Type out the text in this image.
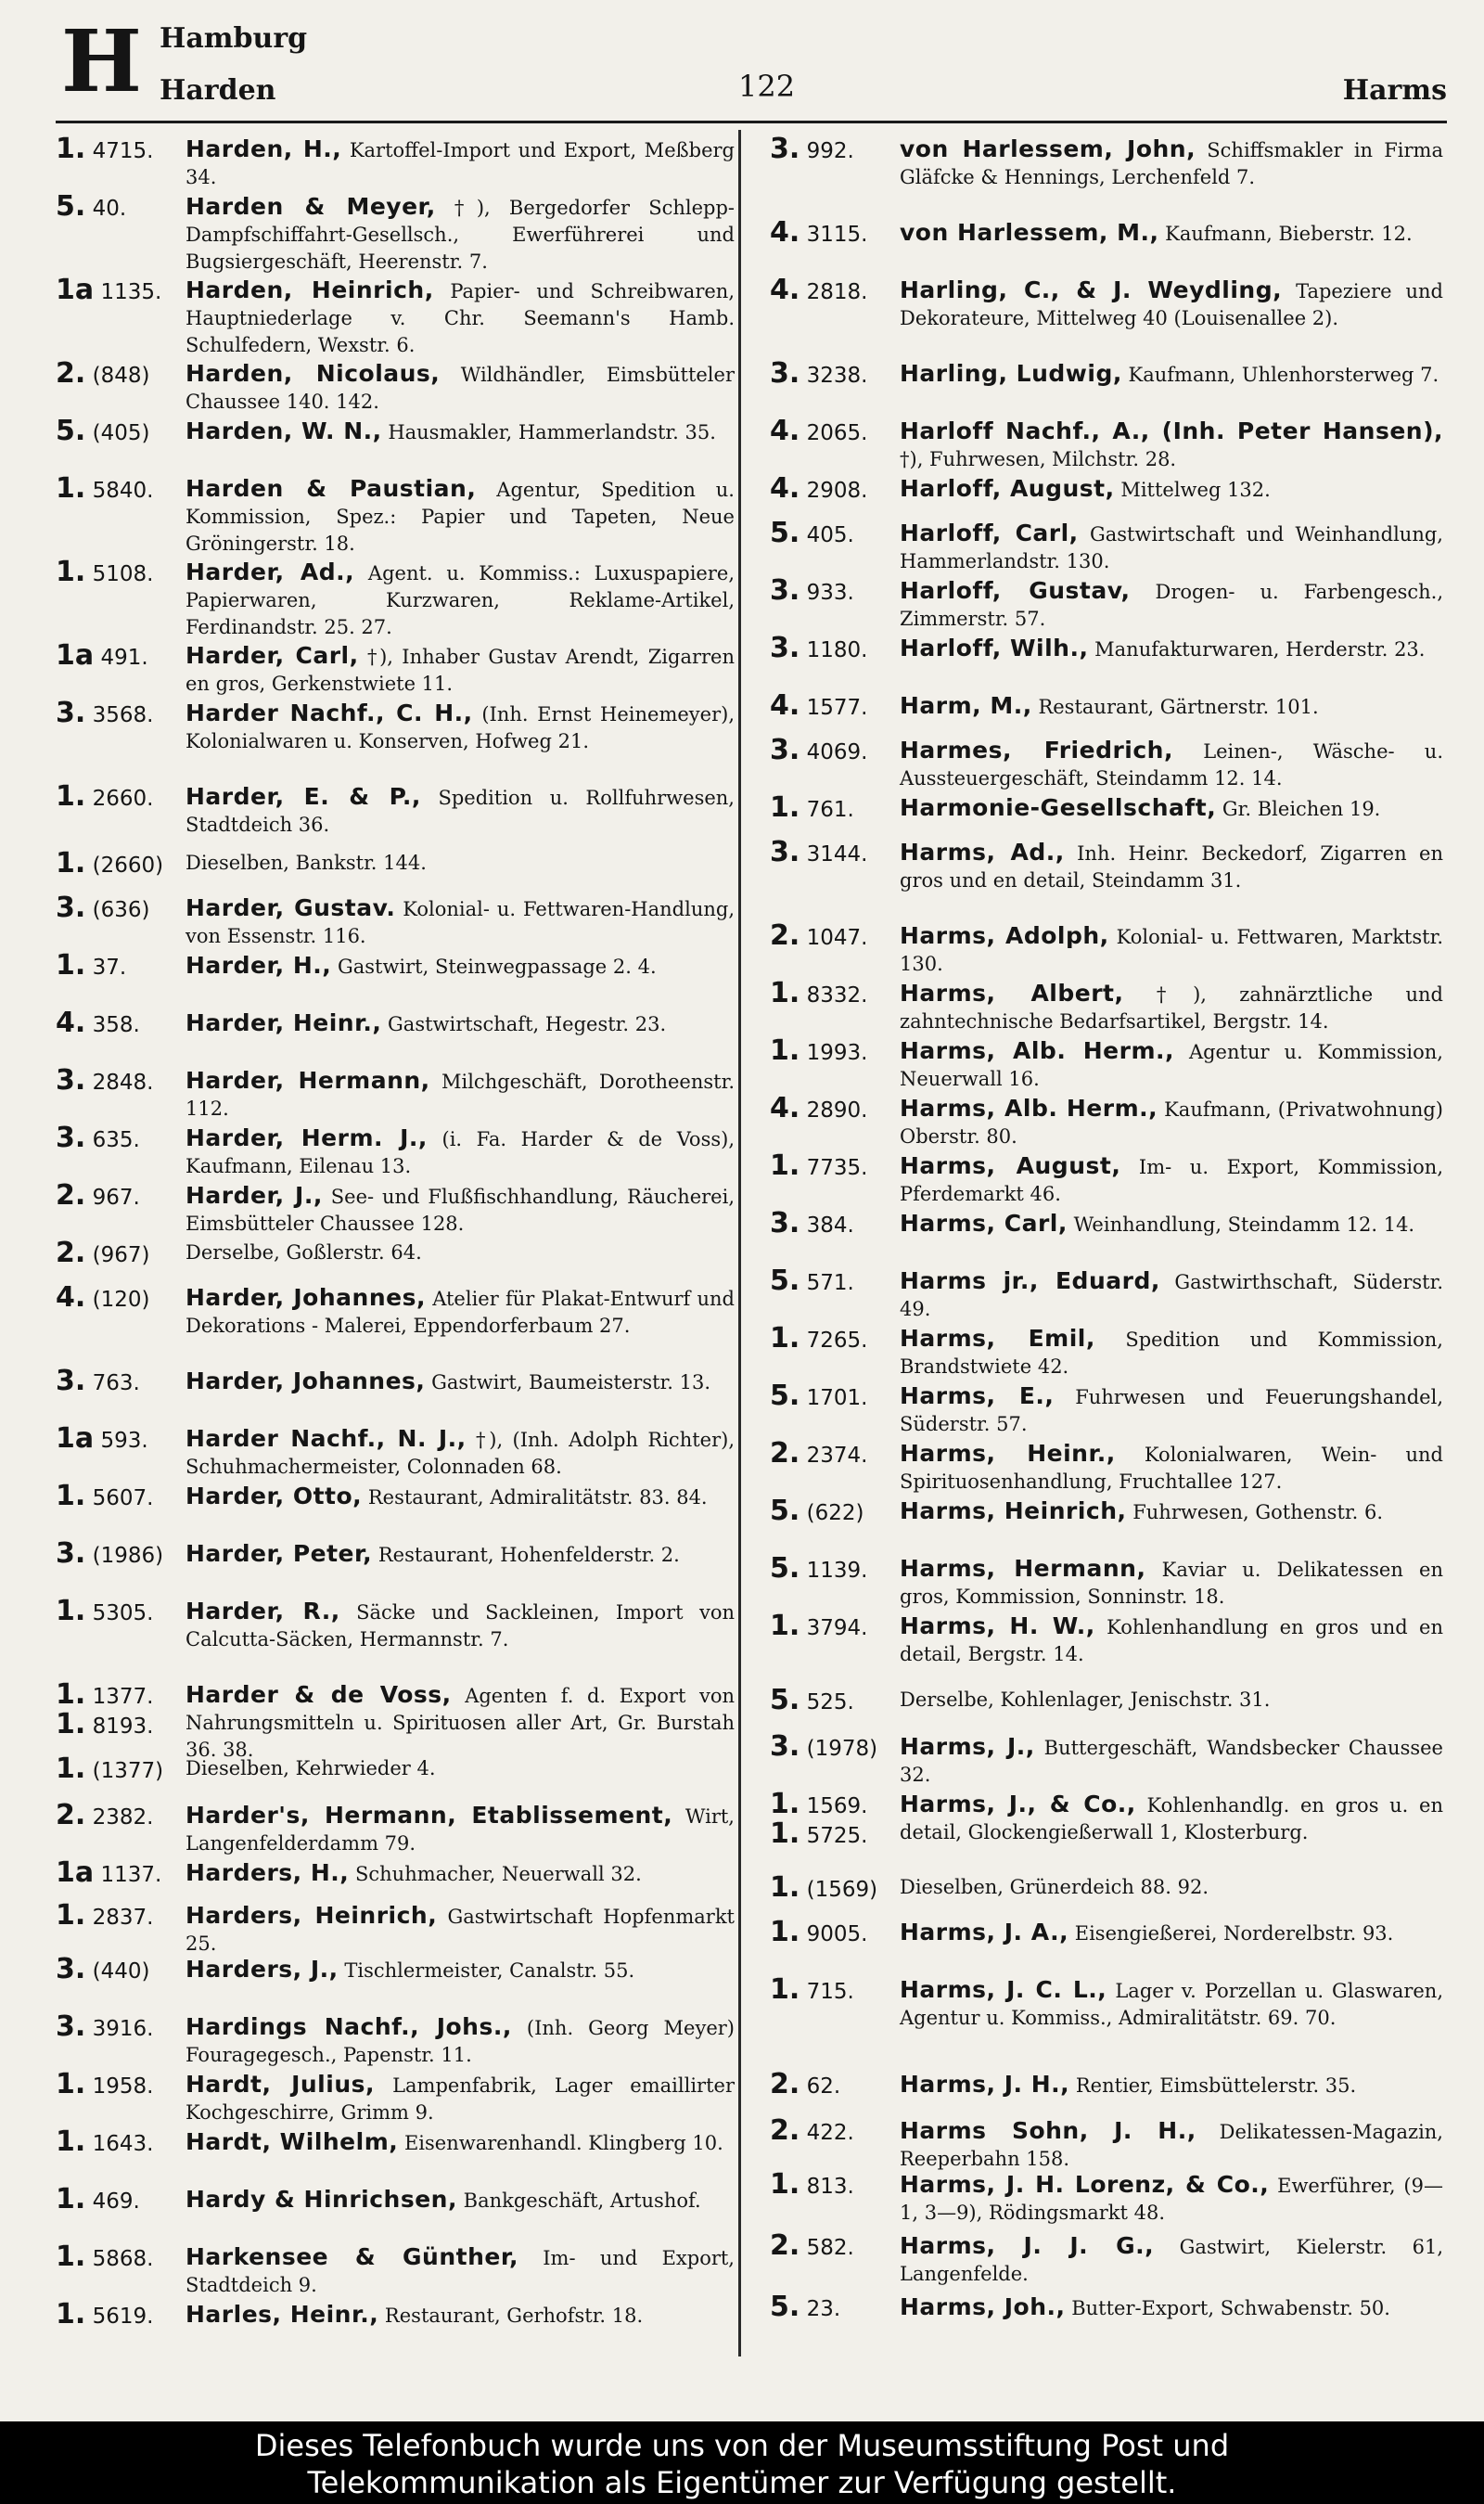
H Hamburg
Harden	122	Harms
1. 4715. Harden, H., Kartoffel-Import und Export, Meßberg 34.
5. 40.	Harden & Meyer, †), Bergedorfer Schlepp-Dampfschiffahrt-Gesellsch., Ewerführerei und Bugsiergeschäft, Heerenstr. 7.
1a 1135. Harden, Heinrich, Papier- und Schreibwaren, Hauptniederlage v. Chr. Seemann's Hamb. Schulfedern, Wexstr. 6.
2. (848) Harden, Nicolaus, Wildhändler, Eimsbütteler Chaussee 140. 142.
5. (405) Harden, W. N., Hausmakler, Hammerlandstr. 35.
1. 5840. Harden & Paustian, Agentur, Spedition u. Kommission, Spez.: Papier und Tapeten, Neue Gröningerstr. 18.
1. 5108. Harder, Ad., Agent. u. Kommiss.: Luxuspapiere, Papierwaren, Kurzwaren, Reklame-Artikel, Ferdinandstr. 25. 27.
1a 491. Harder, Carl, †), Inhaber Gustav Arendt, Zigarren en gros, Gerkenstwiete 11.
3. 3568. Harder Nachf., C. H., (Inh. Ernst Heinemeyer), Kolonialwaren u. Konserven, Hofweg 21.
1. 2660. Harder, E. & P., Spedition u. Rollfuhrwesen, Stadtdeich 36.
1. (2660) Dieselben, Bankstr. 144.
3. (636) Harder, Gustav. Kolonial- u. Fettwaren-Handlung, von Essenstr. 116.
1. 37.	Harder, H., Gastwirt, Steinwegpassage 2. 4.
4. 358. Harder, Heinr., Gastwirtschaft, Hegestr. 23.
3. 2848. Harder, Hermann, Milchgeschäft, Dorotheenstr. 112.
3. 635. Harder, Herm. J., (i. Fa. Harder & de Voss), Kaufmann, Eilenau 13.
2. 967. Harder, J., See- und Flußfischhandlung, Räucherei, Eimsbütteler Chaussee 128.
2. (967) Derselbe, Goßlerstr. 64.
4. (120) Harder, Johannes, Atelier für Plakat-Entwurf und Dekorations - Malerei, Eppendorferbaum 27.
3. 763. Harder, Johannes, Gastwirt, Baumeisterstr. 13.
1a 593. Harder Nachf., N. J., †), (Inh. Adolph Richter), Schuhmachermeister, Colonnaden 68.
1. 5607. Harder, Otto, Restaurant, Admiralitätstr. 83. 84.
3. (1986) Harder, Peter, Restaurant, Hohenfelderstr. 2.
1. 5305. Harder, R., Säcke und Sackleinen, Import von Calcutta-Säcken, Hermannstr. 7.
1. 1377.
1. 8193.
Harder & de Voss, Agenten f. d. Export von Nahrungsmitteln u. Spirituosen aller Art, Gr. Burstah 36. 38.
1. (1377) Dieselben, Kehrwieder 4.
2. 2382. Harder's, Hermann, Etablissement, Wirt, Langenfelderdamm 79.
1a 1137. Harders, H., Schuhmacher, Neuerwall 32.
1. 2837. Harders, Heinrich, Gastwirtschaft Hopfenmarkt 25.
3. (440) Harders, J., Tischlermeister, Canalstr. 55.
3. 3916. Hardings Nachf., Johs., (Inh. Georg Meyer) Fouragegesch., Papenstr. 11.
1. 1958. Hardt, Julius, Lampenfabrik, Lager emaillirter Kochgeschirre, Grimm 9.
1. 1643. Hardt, Wilhelm, Eisenwarenhandl. Klingberg 10.
1. 469. Hardy & Hinrichsen, Bankgeschäft, Artushof.
1. 5868. Harkensee & Günther, Im- und Export, Stadtdeich 9.
1. 5619. Harles, Heinr., Restaurant, Gerhofstr. 18.
3. 992. von Harlessem, John, Schiffsmakler in Firma Gläfcke & Hennings, Lerchenfeld 7.
4. 3115. von Harlessem, M., Kaufmann, Bieberstr. 12.
4. 2818. Harling, C., & J. Weydling, Tapeziere und Dekorateure, Mittelweg 40 (Louisenallee 2).
3. 3238. Harling, Ludwig, Kaufmann, Uhlenhorsterweg 7.
4. 2065. Harloff Nachf., A., (Inh. Peter Hansen), †), Fuhrwesen, Milchstr. 28.
4. 2908. Harloff, August, Mittelweg 132.
5. 405. Harloff, Carl, Gastwirtschaft und Weinhandlung, Hammerlandstr. 130.
3. 933. Harloff, Gustav, Drogen- u. Farbengesch., Zimmerstr. 57.
3. 1180. Harloff, Wilh., Manufakturwaren, Herderstr. 23.
4. 1577. Harm, M., Restaurant, Gärtnerstr. 101.
3. 4069. Harmes, Friedrich, Leinen-, Wäsche- u. Aussteuergeschäft, Steindamm 12. 14.
1. 761. Harmonie-Gesellschaft, Gr. Bleichen 19.
3. 3144. Harms, Ad., Inh. Heinr. Beckedorf, Zigarren en gros und en detail, Steindamm 31.
2. 1047. Harms, Adolph, Kolonial- u. Fettwaren, Marktstr. 130.
1. 8332. Harms, Albert, †), zahnärztliche und zahntechnische Bedarfsartikel, Bergstr. 14.
1. 1993. Harms, Alb. Herm., Agentur u. Kommission, Neuerwall 16.
4. 2890. Harms, Alb. Herm., Kaufmann, (Privatwohnung) Oberstr. 80.
1. 7735. Harms, August, Im- u. Export, Kommission, Pferdemarkt 46.
3. 384. Harms, Carl, Weinhandlung, Steindamm 12. 14.
5. 571. Harms jr., Eduard, Gastwirthschaft, Süderstr. 49.
1. 7265. Harms, Emil, Spedition und Kommission, Brandstwiete 42.
5. 1701. Harms, E., Fuhrwesen und Feuerungshandel, Süderstr. 57.
2. 2374. Harms, Heinr., Kolonialwaren, Wein- und Spirituosenhandlung, Fruchtallee 127.
5. (622) Harms, Heinrich, Fuhrwesen, Gothenstr. 6.
5. 1139. Harms, Hermann, Kaviar u. Delikatessen en gros, Kommission, Sonninstr. 18.
1. 3794. Harms, H. W., Kohlenhandlung en gros und en detail, Bergstr. 14.
5. 525. Derselbe, Kohlenlager, Jenischstr. 31.
3. (1978) Harms, J., Buttergeschäft, Wandsbecker Chaussee 32.
1. 1569.
1. 5725.
Harms, J., & Co., Kohlenhandlg. en gros u. en detail, Glockengießerwall 1, Klosterburg.
1. (1569) Dieselben, Grünerdeich 88. 92.
1. 9005. Harms, J. A., Eisengießerei, Norderelbstr. 93.
1. 715. Harms, J. C. L., Lager v. Porzellan u. Glaswaren, Agentur u. Kommiss., Admiralitätstr. 69. 70.
2. 62.	Harms, J. H., Rentier, Eimsbüttelerstr. 35.
2. 422. Harms Sohn, J. H., Delikatessen-Magazin, Reeperbahn 158.
1. 813. Harms, J. H. Lorenz, & Co., Ewerführer, (9—1, 3—9), Rödingsmarkt 48.
2. 582. Harms, J. J. G., Gastwirt, Kielerstr. 61, Langenfelde.
5. 23.	Harms, Joh., Butter-Export, Schwabenstr. 50.
Dieses Telefonbuch wurde uns von der Museumsstiftung Post und
Telekommunikation als Eigentümer zur Verfügung gestellt.
